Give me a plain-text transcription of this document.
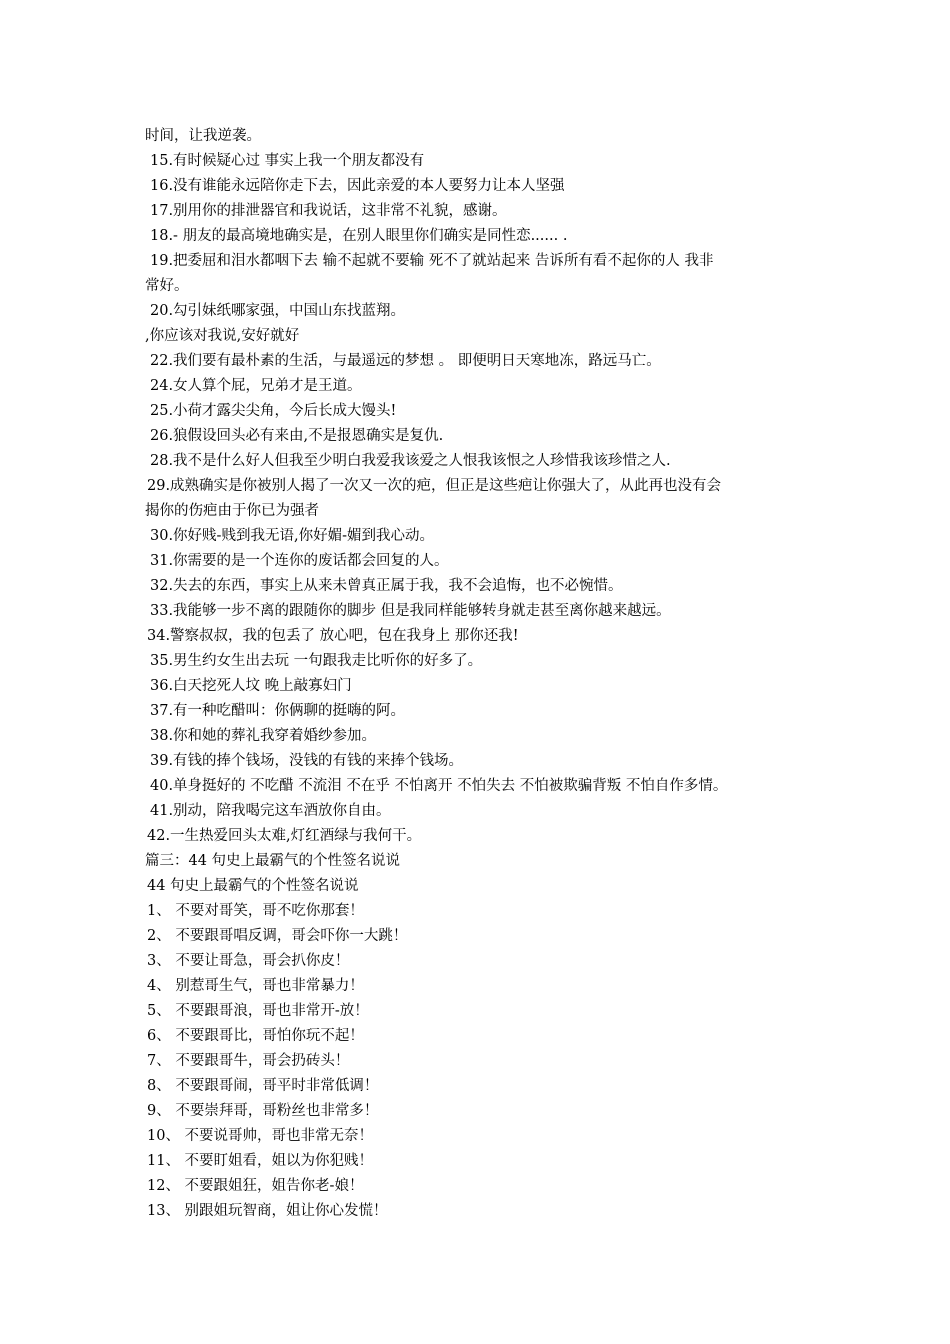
时间，让我逆袭。
15.有时候疑心过 事实上我一个朋友都没有
16.没有谁能永远陪你走下去，因此亲爱的本人要努力让本人坚强
17.别用你的排泄器官和我说话，这非常不礼貌，感谢。
18.- 朋友的最高境地确实是，在别人眼里你们确实是同性恋...... .
19.把委屈和泪水都咽下去 输不起就不要输 死不了就站起来 告诉所有看不起你的人 我非
常好。
20.勾引妹纸哪家强，中国山东找蓝翔。
,你应该对我说,安好就好
22.我们要有最朴素的生活，与最遥远的梦想 。 即便明日天寒地冻，路远马亡。
24.女人算个屁，兄弟才是王道。
25.小荷才露尖尖角，今后长成大馒头!
26.狼假设回头必有来由,不是报恩确实是复仇.
28.我不是什么好人但我至少明白我爱我该爱之人恨我该恨之人珍惜我该珍惜之人.
29.成熟确实是你被别人揭了一次又一次的疤，但正是这些疤让你强大了，从此再也没有会
揭你的伤疤由于你已为强者
30.你好贱-贱到我无语,你好媚-媚到我心动。
31.你需要的是一个连你的废话都会回复的人。
32.失去的东西，事实上从来未曾真正属于我，我不会追悔，也不必惋惜。
33.我能够一步不离的跟随你的脚步 但是我同样能够转身就走甚至离你越来越远。
34.警察叔叔，我的包丢了 放心吧，包在我身上 那你还我!
35.男生约女生出去玩 一句跟我走比听你的好多了。
36.白天挖死人坟 晚上敲寡妇门
37.有一种吃醋叫：你俩聊的挺嗨的阿。
38.你和她的葬礼我穿着婚纱参加。
39.有钱的捧个钱场，没钱的有钱的来捧个钱场。
40.单身挺好的 不吃醋 不流泪 不在乎 不怕离开 不怕失去 不怕被欺骗背叛 不怕自作多情。
41.别动，陪我喝完这车酒放你自由。
42.一生热爱回头太难,灯红酒绿与我何干。
篇三：44 句史上最霸气的个性签名说说
44 句史上最霸气的个性签名说说
1、 不要对哥笑，哥不吃你那套！
2、 不要跟哥唱反调，哥会吓你一大跳！
3、 不要让哥急，哥会扒你皮！
4、 别惹哥生气，哥也非常暴力！
5、 不要跟哥浪，哥也非常开-放！
6、 不要跟哥比，哥怕你玩不起！
7、 不要跟哥牛，哥会扔砖头！
8、 不要跟哥闹，哥平时非常低调！
9、 不要崇拜哥，哥粉丝也非常多！
10、 不要说哥帅，哥也非常无奈！
11、 不要盯姐看，姐以为你犯贱！
12、 不要跟姐狂，姐告你老-娘！
13、 别跟姐玩智商，姐让你心发慌！
